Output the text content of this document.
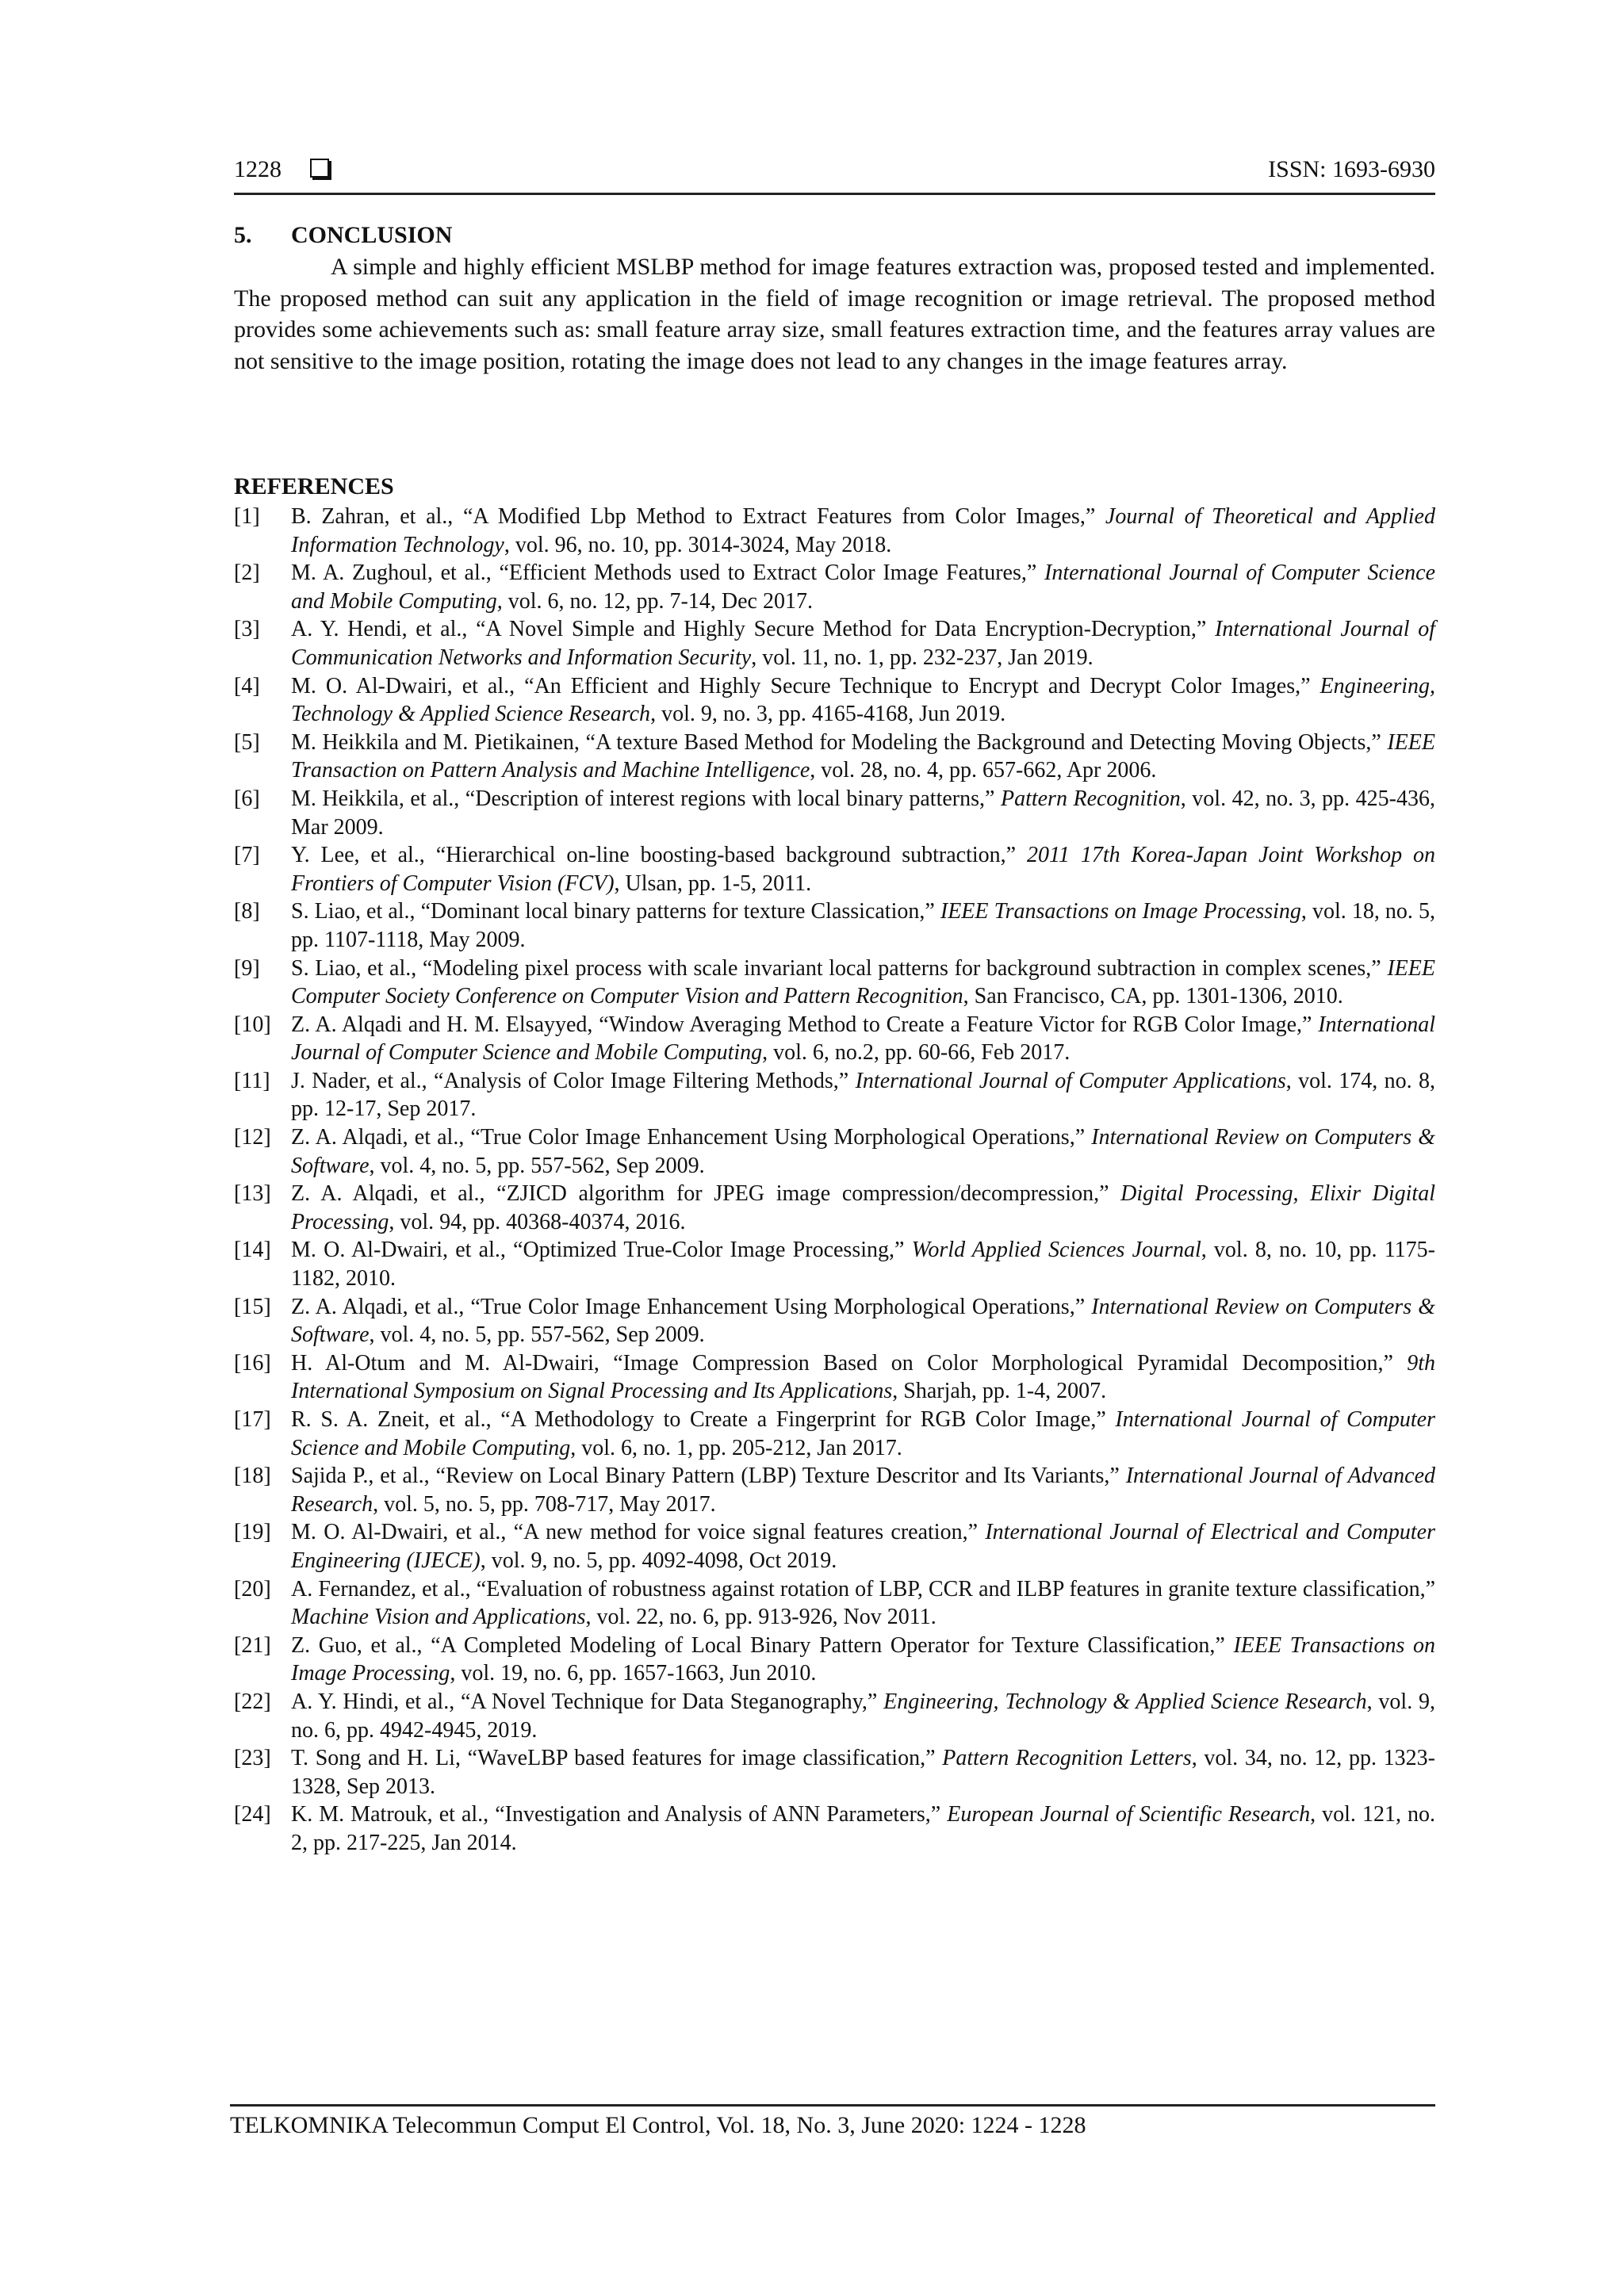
1228	ISSN: 1693-6930
5. CONCLUSION

A simple and highly efficient MSLBP method for image features extraction was, proposed tested and implemented. The proposed method can suit any application in the field of image recognition or image retrieval. The proposed method provides some achievements such as: small feature array size, small features extraction time, and the features array values are not sensitive to the image position, rotating the image does not lead to any changes in the image features array.

REFERENCES
[1]	B. Zahran, et al., “A Modified Lbp Method to Extract Features from Color Images,” Journal of Theoretical and Applied Information Technology, vol. 96, no. 10, pp. 3014-3024, May 2018.
[2]	M. A. Zughoul, et al., “Efficient Methods used to Extract Color Image Features,” International Journal of Computer Science and Mobile Computing, vol. 6, no. 12, pp. 7-14, Dec 2017.
[3]	A. Y. Hendi, et al., “A Novel Simple and Highly Secure Method for Data Encryption-Decryption,” International Journal of Communication Networks and Information Security, vol. 11, no. 1, pp. 232-237, Jan 2019.
[4]	M. O. Al-Dwairi, et al., “An Efficient and Highly Secure Technique to Encrypt and Decrypt Color Images,” Engineering, Technology & Applied Science Research, vol. 9, no. 3, pp. 4165-4168, Jun 2019.
[5]	M. Heikkila and M. Pietikainen, “A texture Based Method for Modeling the Background and Detecting Moving Objects,” IEEE Transaction on Pattern Analysis and Machine Intelligence, vol. 28, no. 4, pp. 657-662, Apr 2006.
[6]	M. Heikkila, et al., “Description of interest regions with local binary patterns,” Pattern Recognition, vol. 42, no. 3, pp. 425-436, Mar 2009.
[7]	Y. Lee, et al., “Hierarchical on-line boosting-based background subtraction,” 2011 17th Korea-Japan Joint Workshop on Frontiers of Computer Vision (FCV), Ulsan, pp. 1-5, 2011.
[8]	S. Liao, et al., “Dominant local binary patterns for texture Classication,” IEEE Transactions on Image Processing, vol. 18, no. 5, pp. 1107-1118, May 2009.
[9]	S. Liao, et al., “Modeling pixel process with scale invariant local patterns for background subtraction in complex scenes,” IEEE Computer Society Conference on Computer Vision and Pattern Recognition, San Francisco, CA, pp. 1301-1306, 2010.
[10] Z. A. Alqadi and H. M. Elsayyed, “Window Averaging Method to Create a Feature Victor for RGB Color Image,” International Journal of Computer Science and Mobile Computing, vol. 6, no.2, pp. 60-66, Feb 2017.
[11] J. Nader, et al., “Analysis of Color Image Filtering Methods,” International Journal of Computer Applications, vol. 174, no. 8, pp. 12-17, Sep 2017.
[12] Z. A. Alqadi, et al., “True Color Image Enhancement Using Morphological Operations,” International Review on Computers & Software, vol. 4, no. 5, pp. 557-562, Sep 2009.
[13] Z. A. Alqadi, et al., “ZJICD algorithm for JPEG image compression/decompression,” Digital Processing, Elixir Digital Processing, vol. 94, pp. 40368-40374, 2016.
[14] M. O. Al-Dwairi, et al., “Optimized True-Color Image Processing,” World Applied Sciences Journal, vol. 8, no. 10, pp. 1175-1182, 2010.
[15] Z. A. Alqadi, et al., “True Color Image Enhancement Using Morphological Operations,” International Review on Computers & Software, vol. 4, no. 5, pp. 557-562, Sep 2009.
[16] H. Al-Otum and M. Al-Dwairi, “Image Compression Based on Color Morphological Pyramidal Decomposition,” 9th International Symposium on Signal Processing and Its Applications, Sharjah, pp. 1-4, 2007.
[17] R. S. A. Zneit, et al., “A Methodology to Create a Fingerprint for RGB Color Image,” International Journal of Computer Science and Mobile Computing, vol. 6, no. 1, pp. 205-212, Jan 2017.
[18] Sajida P., et al., “Review on Local Binary Pattern (LBP) Texture Descritor and Its Variants,” International Journal of Advanced Research, vol. 5, no. 5, pp. 708-717, May 2017.
[19] M. O. Al-Dwairi, et al., “A new method for voice signal features creation,” International Journal of Electrical and Computer Engineering (IJECE), vol. 9, no. 5, pp. 4092-4098, Oct 2019.
[20] A. Fernandez, et al., “Evaluation of robustness against rotation of LBP, CCR and ILBP features in granite texture classification,” Machine Vision and Applications, vol. 22, no. 6, pp. 913-926, Nov 2011.
[21] Z. Guo, et al., “A Completed Modeling of Local Binary Pattern Operator for Texture Classification,” IEEE Transactions on Image Processing, vol. 19, no. 6, pp. 1657-1663, Jun 2010.
[22] A. Y. Hindi, et al., “A Novel Technique for Data Steganography,” Engineering, Technology & Applied Science Research, vol. 9, no. 6, pp. 4942-4945, 2019.
[23] T. Song and H. Li, “WaveLBP based features for image classification,” Pattern Recognition Letters, vol. 34, no. 12, pp. 1323-1328, Sep 2013.
[24] K. M. Matrouk, et al., “Investigation and Analysis of ANN Parameters,” European Journal of Scientific Research, vol. 121, no. 2, pp. 217-225, Jan 2014.
TELKOMNIKA Telecommun Comput El Control, Vol. 18, No. 3, June 2020: 1224 - 1228
